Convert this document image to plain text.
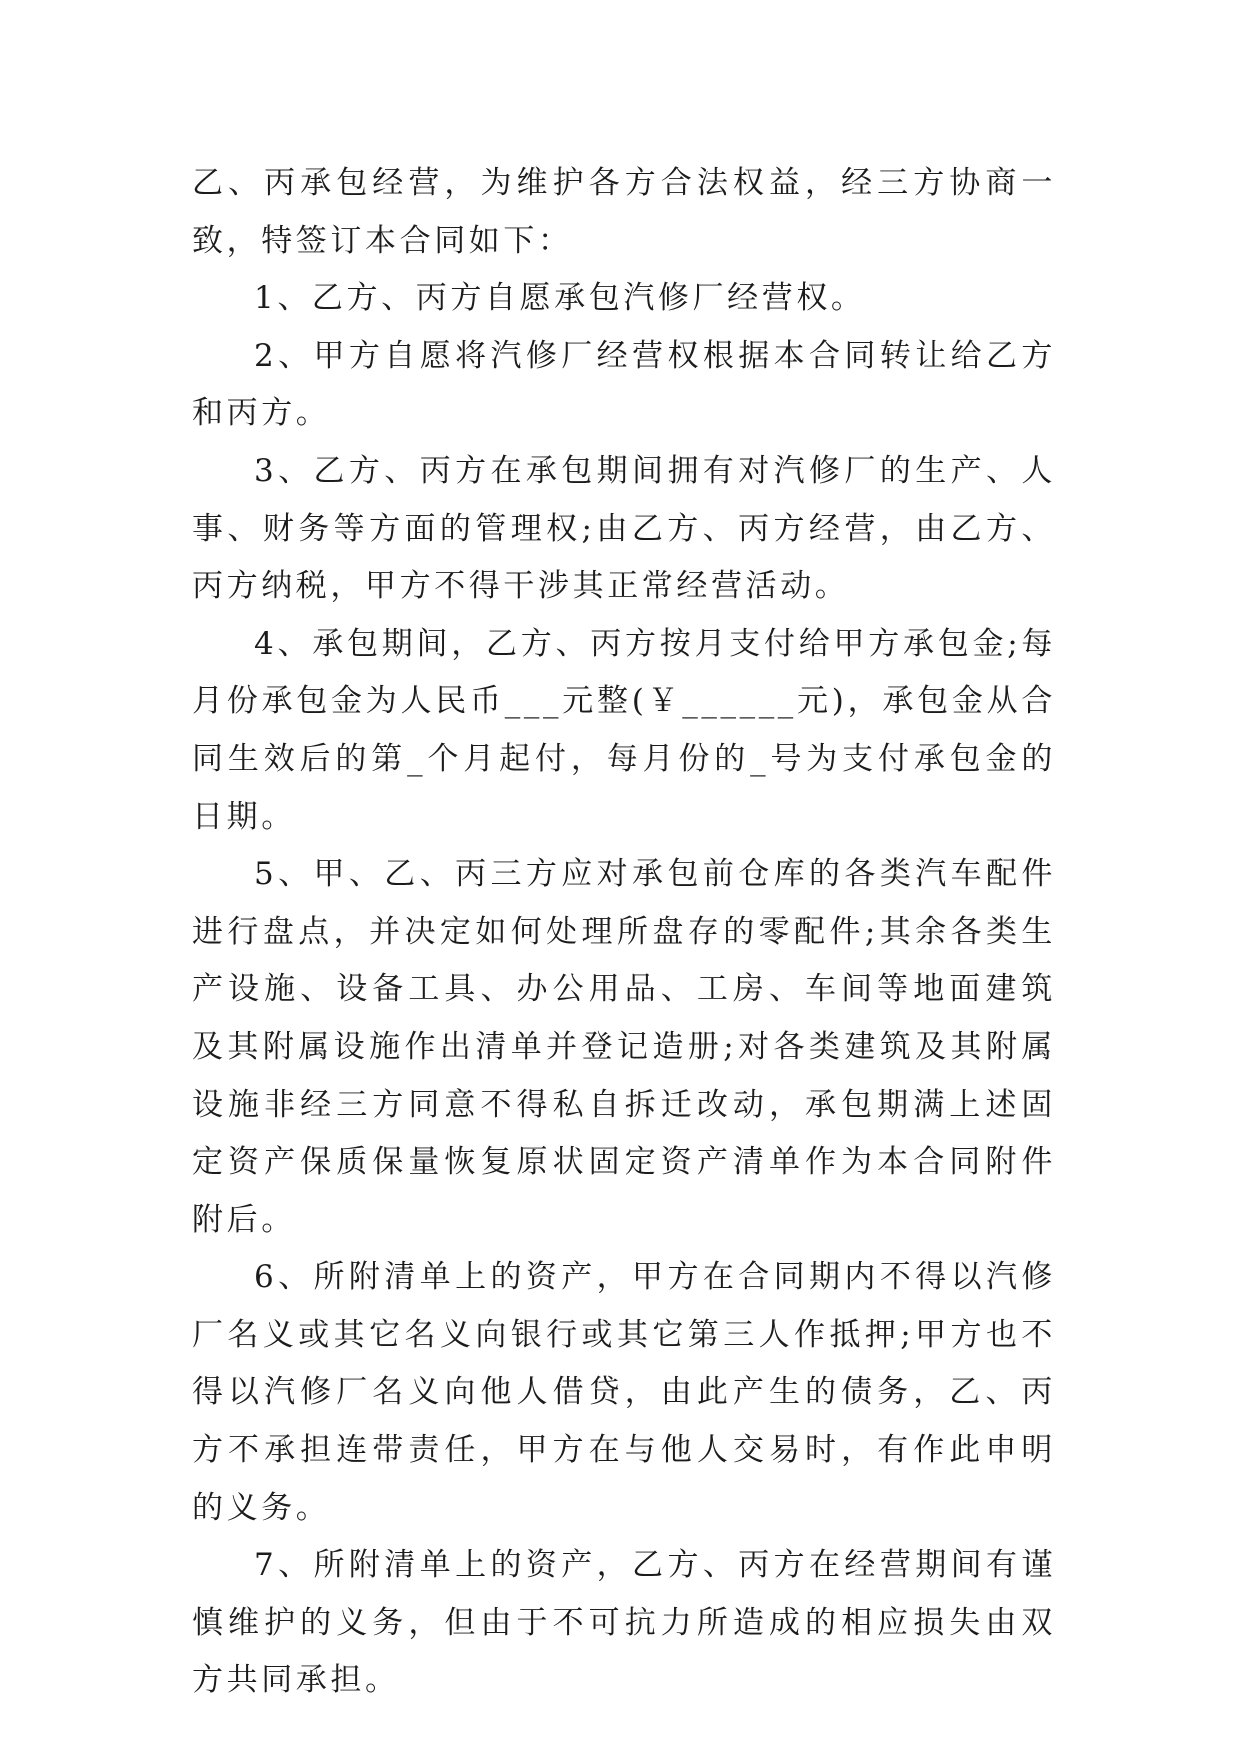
乙、丙承包经营，为维护各方合法权益，经三方协商一致，特签订本合同如下：

1、乙方、丙方自愿承包汽修厂经营权。

2、甲方自愿将汽修厂经营权根据本合同转让给乙方和丙方。

3、乙方、丙方在承包期间拥有对汽修厂的生产、人事、财务等方面的管理权;由乙方、丙方经营，由乙方、丙方纳税，甲方不得干涉其正常经营活动。

4、承包期间，乙方、丙方按月支付给甲方承包金;每月份承包金为人民币___元整(￥______元)，承包金从合同生效后的第_个月起付，每月份的_号为支付承包金的日期。

5、甲、乙、丙三方应对承包前仓库的各类汽车配件进行盘点，并决定如何处理所盘存的零配件;其余各类生产设施、设备工具、办公用品、工房、车间等地面建筑及其附属设施作出清单并登记造册;对各类建筑及其附属设施非经三方同意不得私自拆迁改动，承包期满上述固定资产保质保量恢复原状固定资产清单作为本合同附件附后。

6、所附清单上的资产，甲方在合同期内不得以汽修厂名义或其它名义向银行或其它第三人作抵押;甲方也不得以汽修厂名义向他人借贷，由此产生的债务，乙、丙方不承担连带责任，甲方在与他人交易时，有作此申明的义务。

7、所附清单上的资产，乙方、丙方在经营期间有谨慎维护的义务，但由于不可抗力所造成的相应损失由双方共同承担。
